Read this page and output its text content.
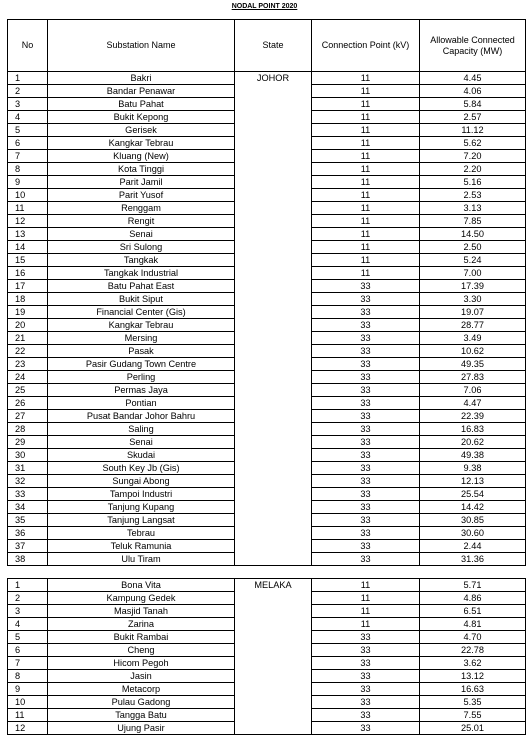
NODAL POINT 2020
No	Substation Name	State	Connection Point (kV)	Allowable Connected Capacity (MW)
1	Bakri	JOHOR	11	4.45
2	Bandar Penawar		11	4.06
3	Batu Pahat		11	5.84
4	Bukit Kepong		11	2.57
5	Gerisek		11	11.12
6	Kangkar Tebrau		11	5.62
7	Kluang (New)		11	7.20
8	Kota Tinggi		11	2.20
9	Parit Jamil		11	5.16
10	Parit Yusof		11	2.53
11	Renggam		11	3.13
12	Rengit		11	7.85
13	Senai		11	14.50
14	Sri Sulong		11	2.50
15	Tangkak		11	5.24
16	Tangkak Industrial		11	7.00
17	Batu Pahat East		33	17.39
18	Bukit Siput		33	3.30
19	Financial Center (Gis)		33	19.07
20	Kangkar Tebrau		33	28.77
21	Mersing		33	3.49
22	Pasak		33	10.62
23	Pasir Gudang Town Centre		33	49.35
24	Perling		33	27.83
25	Permas Jaya		33	7.06
26	Pontian		33	4.47
27	Pusat Bandar Johor Bahru		33	22.39
28	Saling		33	16.83
29	Senai		33	20.62
30	Skudai		33	49.38
31	South Key Jb (Gis)		33	9.38
32	Sungai Abong		33	12.13
33	Tampoi Industri		33	25.54
34	Tanjung Kupang		33	14.42
35	Tanjung Langsat		33	30.85
36	Tebrau		33	30.60
37	Teluk Ramunia		33	2.44
38	Ulu Tiram		33	31.36
1	Bona Vita	MELAKA	11	5.71
2	Kampung Gedek		11	4.86
3	Masjid Tanah		11	6.51
4	Zarina		11	4.81
5	Bukit Rambai		33	4.70
6	Cheng		33	22.78
7	Hicom Pegoh		33	3.62
8	Jasin		33	13.12
9	Metacorp		33	16.63
10	Pulau Gadong		33	5.35
11	Tangga Batu		33	7.55
12	Ujung Pasir		33	25.01
